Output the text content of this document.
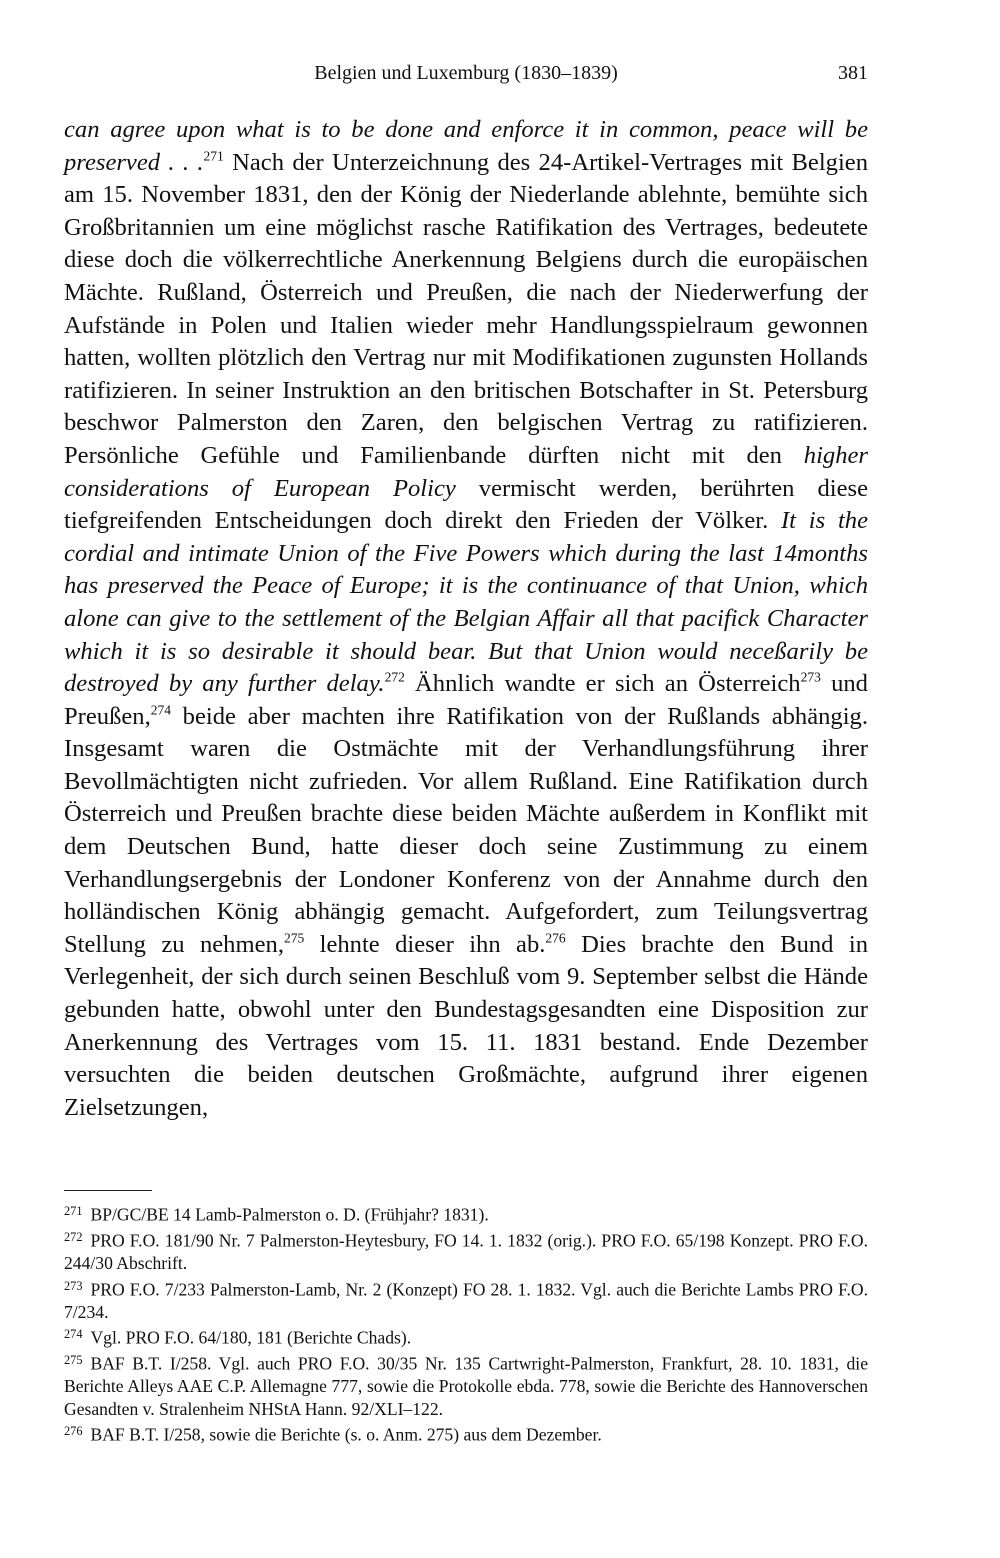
Belgien und Luxemburg (1830–1839)	381

can agree upon what is to be done and enforce it in common, peace will be preserved . . .$^{271}$ Nach der Unterzeichnung des 24-Artikel-Vertrages mit Belgien am 15. November 1831, den der König der Niederlande ablehnte, bemühte sich Großbritannien um eine möglichst rasche Ratifikation des Vertrages, bedeutete diese doch die völkerrechtliche Anerkennung Belgiens durch die europäischen Mächte. Rußland, Österreich und Preußen, die nach der Niederwerfung der Aufstände in Polen und Italien wieder mehr Handlungsspielraum gewonnen hatten, wollten plötzlich den Vertrag nur mit Modifikationen zugunsten Hollands ratifizieren. In seiner Instruktion an den britischen Botschafter in St. Petersburg beschwor Palmerston den Zaren, den belgischen Vertrag zu ratifizieren. Persönliche Gefühle und Familienbande dürften nicht mit den higher considerations of European Policy vermischt werden, berührten diese tiefgreifenden Entscheidungen doch direkt den Frieden der Völker. It is the cordial and intimate Union of the Five Powers which during the last 14months has preserved the Peace of Europe; it is the continuance of that Union, which alone can give to the settlement of the Belgian Affair all that pacifick Character which it is so desirable it should bear. But that Union would neceßarily be destroyed by any further delay.$^{272}$ Ähnlich wandte er sich an Österreich$^{273}$ und Preußen,$^{274}$ beide aber machten ihre Ratifikation von der Rußlands abhängig. Insgesamt waren die Ostmächte mit der Verhandlungsführung ihrer Bevollmächtigten nicht zufrieden. Vor allem Rußland. Eine Ratifikation durch Österreich und Preußen brachte diese beiden Mächte außerdem in Konflikt mit dem Deutschen Bund, hatte dieser doch seine Zustimmung zu einem Verhandlungsergebnis der Londoner Konferenz von der Annahme durch den holländischen König abhängig gemacht. Aufgefordert, zum Teilungsvertrag Stellung zu nehmen,$^{275}$ lehnte dieser ihn ab.$^{276}$ Dies brachte den Bund in Verlegenheit, der sich durch seinen Beschluß vom 9. September selbst die Hände gebunden hatte, obwohl unter den Bundestagsgesandten eine Disposition zur Anerkennung des Vertrages vom 15. 11. 1831 bestand. Ende Dezember versuchten die beiden deutschen Großmächte, aufgrund ihrer eigenen Zielsetzungen,

$^{271}$ BP/GC/BE 14 Lamb-Palmerston o. D. (Frühjahr? 1831).

$^{272}$ PRO F.O. 181/90 Nr. 7 Palmerston-Heytesbury, FO 14. 1. 1832 (orig.). PRO F.O. 65/198 Konzept. PRO F.O. 244/30 Abschrift.

$^{273}$ PRO F.O. 7/233 Palmerston-Lamb, Nr. 2 (Konzept) FO 28. 1. 1832. Vgl. auch die Berichte Lambs PRO F.O. 7/234.

$^{274}$ Vgl. PRO F.O. 64/180, 181 (Berichte Chads).

$^{275}$ BAF B.T. I/258. Vgl. auch PRO F.O. 30/35 Nr. 135 Cartwright-Palmerston, Frankfurt, 28. 10. 1831, die Berichte Alleys AAE C.P. Allemagne 777, sowie die Protokolle ebda. 778, sowie die Berichte des Hannoverschen Gesandten v. Stralenheim NHStA Hann. 92/XLI–122.

$^{276}$ BAF B.T. I/258, sowie die Berichte (s. o. Anm. 275) aus dem Dezember.
